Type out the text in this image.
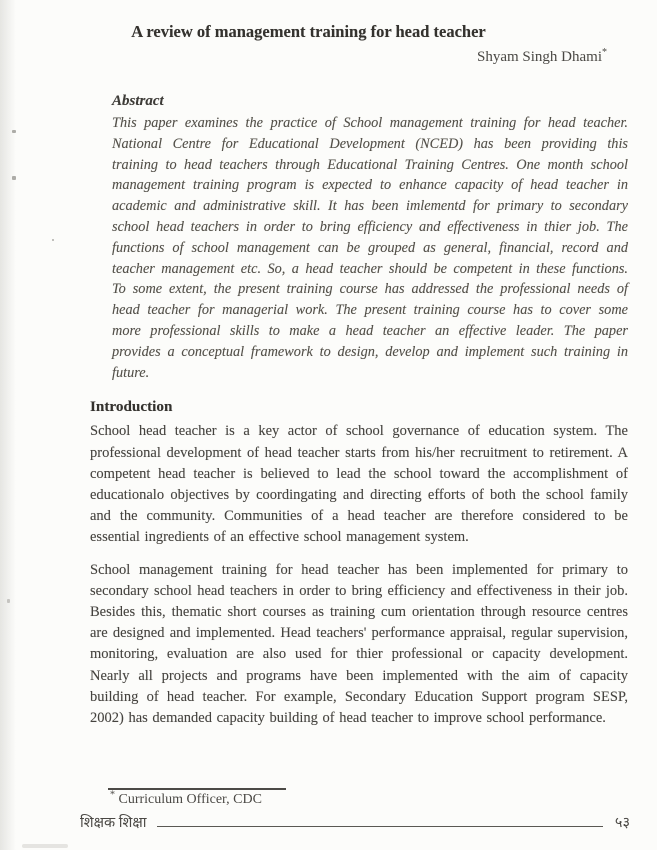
A review of management training for head teacher
Shyam Singh Dhami*
Abstract

This paper examines the practice of School management training for head teacher. National Centre for Educational Development (NCED) has been providing this training to head teachers through Educational Training Centres. One month school management training program is expected to enhance capacity of head teacher in academic and administrative skill. It has been imlementd for primary to secondary school head teachers in order to bring efficiency and effectiveness in thier job. The functions of school management can be grouped as general, financial, record and teacher management etc. So, a head teacher should be competent in these functions. To some extent, the present training course has addressed the professional needs of head teacher for managerial work. The present training course has to cover some more professional skills to make a head teacher an effective leader. The paper provides a conceptual framework to design, develop and implement such training in future.

Introduction

School head teacher is a key actor of school governance of education system. The professional development of head teacher starts from his/her recruitment to retirement. A competent head teacher is believed to lead the school toward the accomplishment of educationalo objectives by coordingating and directing efforts of both the school family and the community. Communities of a head teacher are therefore considered to be essential ingredients of an effective school management system.

School management training for head teacher has been implemented for primary to secondary school head teachers in order to bring efficiency and effectiveness in their job. Besides this, thematic short courses as training cum orientation through resource centres are designed and implemented. Head teachers' performance appraisal, regular supervision, monitoring, evaluation are also used for thier professional or capacity development. Nearly all projects and programs have been implemented with the aim of capacity building of head teacher. For example, Secondary Education Support program SESP, 2002) has demanded capacity building of head teacher to improve school performance.

* Curriculum Officer, CDC
शिक्षक शिक्षा	५३
